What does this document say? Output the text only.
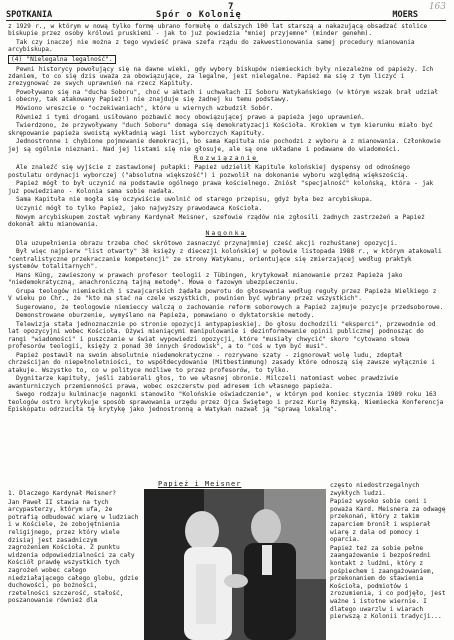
SPOTKANIA
7
Spór o Kolonię	MOERS
163

z 1929 r., w którym w nową tylko formę ubrano formułę o dalszych 100 lat starszą a nakazującą obsadzać stolice biskupie przez osoby królowi pruskiemi - jak to już powiedzia "mniej przyjemne" (minder genehm).

Tak czy inaczej nie można z tego wywieść prawa szefa rządu do zakwestionowania samej procedury mianowania arcybiskupa.

(4) "Nielegalna legalność".

Pewni historycy powołujący się na dawne wieki, gdy wybory biskupów niemieckich były niezależne od papieży. Ich zdaniem, to co się dzis uważa za obowiązujące, za legalne, jest nielegalne. Papież ma się z tym liczyć i zrezygnować ze swych uprawnień na rzecz Kapituły.

Powoływano się na "ducha Soboru", choć w aktach i uchwałach II Soboru Watykańskiego (w którym wszak brał udział i obecny, tak atakowany Papież!) nie znajduje się żadnej ku temu podstawy.

Mówiono wreszcie o "oczekiwaniach", które u wiernych wzbudził Sobór.

Również i tymi drogami usiłowano pozbawić mocy obowiązującej prawo a papieża jego uprawnień.

Twierdzono, że przywoływany "duch Soboru" domaga się demokratyzacji Kościoła. Krokiem w tym kierunku miało być skrępowanie papieża swoistą wykładnią wagi list wyborczych Kapituły.

Jednostronne i chybione pojmowanie demokracji, bo sama Kapituła nie pochodzi z wyboru a z mianowania. Członkowie jej są ogólnie nieznani. Nad jej listami się nie głosuje, ale są one układane i podawane do wiadomości.

Rozwiązanie

Ale znaleźć się wyjście z zastawionej pułapki: Papież udzielił Kapitule kolońskiej dyspensy od odnośnego postulatu ordynacji wyborczej ("absolutna większość") i pozwolił na dokonanie wyboru względną większością.

Papież mógł to był uczynić na podstawie ogólnego prawa kościelnego. Zniósł "specjalność" kolońską, która - jak już powiedziano - Kolonia sama sobie nadała.

Sama Kapituła nie mogła się oczywiście uwolnić od starego przepisu, gdyż była bez arcybiskupa.

Uczynić mógł to tylko Papież, jako najwyższy prawodawca Kościoła.

Nowym arcybiskupem został wybrany Kardynał Meisner, szefowie rządów nie zgłosili żadnych zastrzeżeń a Papież dokonał aktu mianowania.

Nagonka

Dla uzupełnienia obrazu trzeba choć skrótowo zasnaczyć przynajmniej cześć akcji rozhuśtanej opozycji.

Był więc najpierw "list otwarty" 38 księży z diecezji kolońskiej w połowie listopada 1988 r., w którym atakowali "centralistyczne przekraczanie kompetencji" ze strony Watykanu, orientujące się zmierzającej według praktyk systemów totalitarnych".

Hans Küng, zawieszony w prawach profesor teologii z Tübingen, krytykował mianowanie przez Papieża jako "niedemokratyczną, anachroniczną tajną metodę". Mowa o fazowym ubezpieczeniu.

Grupa teologów niemieckich i szwajcarskich żądała powrotu do głosowania według reguły przez Papieża Wielkiego z V wieku po Chr., że "kto ma stać na czele wszystkich, powinien być wybrany przez wszystkich".

Sugerowano, że teologowie niemieccy walczą o zachowanie reform soborowych a Papież zajmuje pozycje przedsoborowe.

Demonstrowane oburzenie, wymyślano na Papieża, pomawiano o dyktatorskie metody.

Telewizja stała jednoznacznie po stronie opozycji antypapieskiej. Do głosu dochodzili "eksperci", przewodnie od lat opozycyjni wobec Kościoła. Ożywi mieniącymi manipulowanie i dezinformowanie opinii publicznej podnosząc do rangi "wiadomości" i puszczanie w świat wypowiedzi opozycji, które "musiały chwycić" skoro "cytowano słowa profesorów teologii, księży z ponad 30 innych środowisk", a to "coś w tym być musi".

Papież postawił na swoim absolutnie niedemokratyczne - rozrywano szaty - zignorował wolę ludu, zdeptał chrześcijan do niepełnoletniości, to współdecydowanie (Mitbestimmung) zasady które odnoszą się zawsze wyłącznie i atakuje. Wszystko to, co w polityce możliwe to przez profesorów, to tylko.

Dygnitarze kapituły, jeśli zabierali głos, to we własnej obronie. Milczeli natomiast wobec prawdziwie awanturniczych przemienności prawa, wobec oszczerstw pod adresem ich własnego papieża.

Swego rodzaju kulminacje nagonki stanowiło "Kolońskie oświadczenie", w którym pod koniec stycznia 1989 roku 163 teologów ostro krytykuje sposób sprawowania urzędu przez Ojca Świętego i przez Kurię Rzymską. Niemiecka Konferencja Episkopatu odrzuciła tę krytykę jako jednostronną a Watykan nazwał ją "sprawą lokalną".

Papież i Meisner

1. Dlaczego Kardynał Meisner?

Jan Paweł II stawia na tych arcypasterzy, którym ufa, że potrafią odbudować wiarę w ludziach i w Kościele, że zobojętnienia religijnego, przez który wiele dzisiaj jest zasadniczym zagrożeniem Kościoła. Z punktu widzenia odpowiedzialności za cały Kościół prawdę wszystkich tych zagrożeń wobec całego niedziałającego całego globu, gdzie duchowości, po bożności, rzetelności szczerość, stałość, poszanowanie również dla

często niedostrzegalnych zwykłych ludzi.

Papież wysoko sobie ceni i poważa Kard. Meisnera za odwagę przekonań, który z takim zaparciem bronił i wspierał wiarę z dala od pomocy i oparcia.

Papież też za sobie pełne zaangażowanie i bezpośredni kontakt z ludźmi, który z pośpiechem i zaangażowaniem, przekonaniem do stawienia Kościoła, podmiotów i zrozumienia, i co podjęło, jest ważne i istotne wiernie. I dlatego uwarzlw i wiarach pierwszą z Kolonii tradycji...
